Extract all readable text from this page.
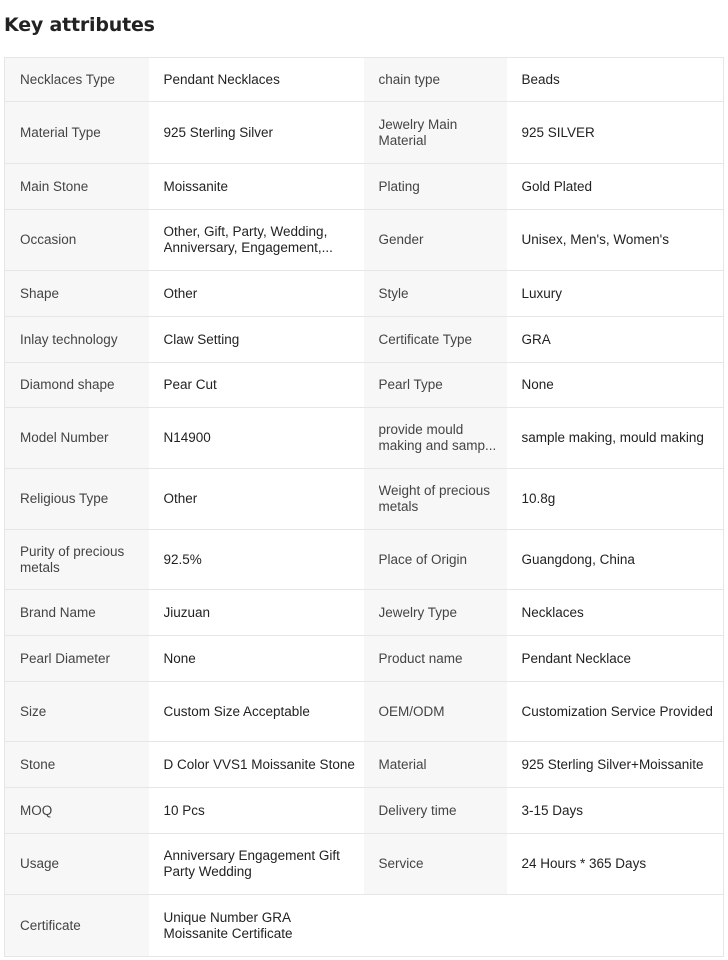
Key attributes
Necklaces Type	Pendant Necklaces	chain type	Beads

Material Type	925 Sterling Silver	Jewelry Main Material	925 SILVER

Main Stone	Moissanite	Plating	Gold Plated

Occasion	Other, Gift, Party, Wedding, Anniversary, Engagement,...	Gender	Unisex, Men's, Women's

Shape	Other	Style	Luxury

Inlay technology	Claw Setting	Certificate Type	GRA

Diamond shape	Pear Cut	Pearl Type	None

Model Number	N14900	provide mould making and samp...	sample making, mould making

Religious Type	Other	Weight of precious metals	10.8g

Purity of precious metals	92.5%	Place of Origin	Guangdong, China

Brand Name	Jiuzuan	Jewelry Type	Necklaces

Pearl Diameter	None	Product name	Pendant Necklace

Size	Custom Size Acceptable	OEM/ODM	Customization Service Provided

Stone	D Color VVS1 Moissanite Stone	Material	925 Sterling Silver+Moissanite

MOQ	10 Pcs	Delivery time	3-15 Days

Usage	Anniversary Engagement Gift Party Wedding	Service	24 Hours * 365 Days

Certificate	Unique Number GRA Moissanite Certificate		
